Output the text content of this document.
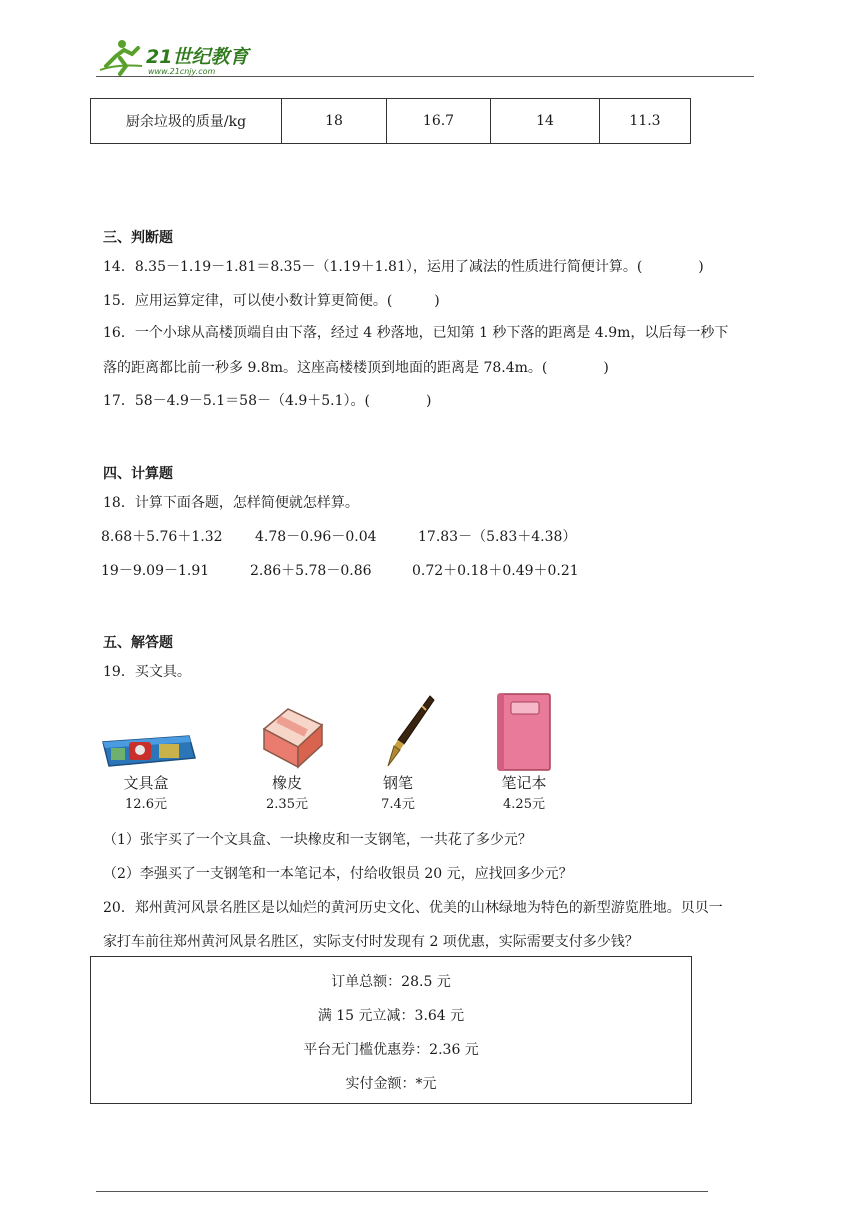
21世纪教育
www.21cnjy.com
厨余垃圾的质量/kg	18	16.7	14	11.3
三、判断题
14．8.35－1.19－1.81＝8.35－（1.19＋1.81），运用了减法的性质进行简便计算。(　　　　)
15．应用运算定律，可以使小数计算更简便。(　　　)
16．一个小球从高楼顶端自由下落，经过 4 秒落地，已知第 1 秒下落的距离是 4.9m，以后每一秒下
落的距离都比前一秒多 9.8m。这座高楼楼顶到地面的距离是 78.4m。(　　　　)
17．58－4.9－5.1＝58－（4.9＋5.1）。(　　　　)
四、计算题
18．计算下面各题，怎样简便就怎样算。
8.68＋5.76＋1.32 4.78－0.96－0.04	17.83－（5.83＋4.38）
19－9.09－1.91	2.86＋5.78－0.86	0.72＋0.18＋0.49＋0.21
五、解答题
19．买文具。
文具盒
12.6元
橡皮
2.35元
钢笔
7.4元
笔记本
4.25元
（1）张宇买了一个文具盒、一块橡皮和一支钢笔，一共花了多少元？
（2）李强买了一支钢笔和一本笔记本，付给收银员 20 元，应找回多少元？
20．郑州黄河风景名胜区是以灿烂的黄河历史文化、优美的山林绿地为特色的新型游览胜地。贝贝一
家打车前往郑州黄河风景名胜区，实际支付时发现有 2 项优惠，实际需要支付多少钱？
订单总额：28.5 元
满 15 元立减：3.64 元
平台无门槛优惠券：2.36 元
实付金额：*元
